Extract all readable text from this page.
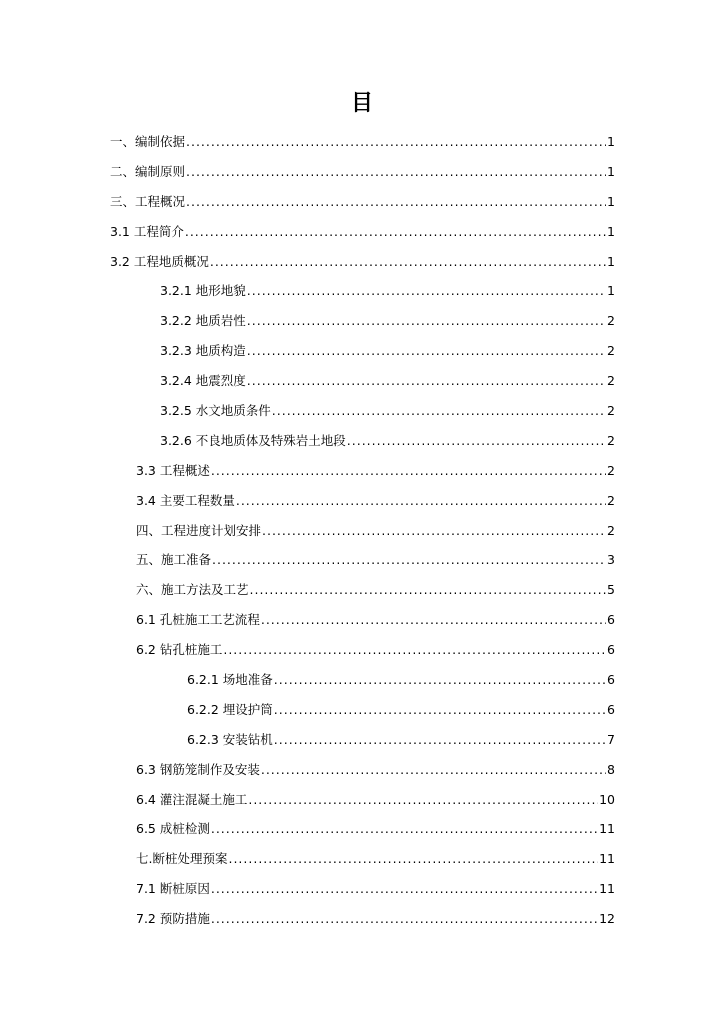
目
一、编制依据 .....	1
二、编制原则 .....	1
三、工程概况 .....	1
3.1 工程简介 .....	1
3.2 工程地质概况 .....	1
3.2.1 地形地貌 .....	1
3.2.2 地质岩性 .....	2
3.2.3 地质构造 .....	2
3.2.4 地震烈度 .....	2
3.2.5 水文地质条件 .....	2
3.2.6 不良地质体及特殊岩土地段 .....	2
3.3 工程概述 .....	2
3.4 主要工程数量 .....	2
四、工程进度计划安排 .....	2
五、施工准备 .....	3
六、施工方法及工艺 .....	5
6.1 孔桩施工工艺流程 .....	6
6.2 钻孔桩施工 .....	6
6.2.1 场地准备 .....	6
6.2.2 埋设护筒 .....	6
6.2.3 安装钻机 .....	7
6.3 钢筋笼制作及安装 .....	8
6.4 灌注混凝土施工 .....	10
6.5 成桩检测 .....	11
七.断桩处理预案 .....	11
7.1 断桩原因 .....	11
7.2 预防措施 .....	12
